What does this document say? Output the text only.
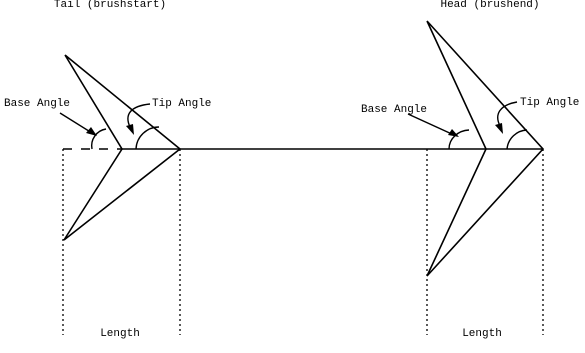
Tail (brushstart)
Base Angle	Tip Angle
Length
Head (brushend)
Base Angle
Tip Angle
Length
